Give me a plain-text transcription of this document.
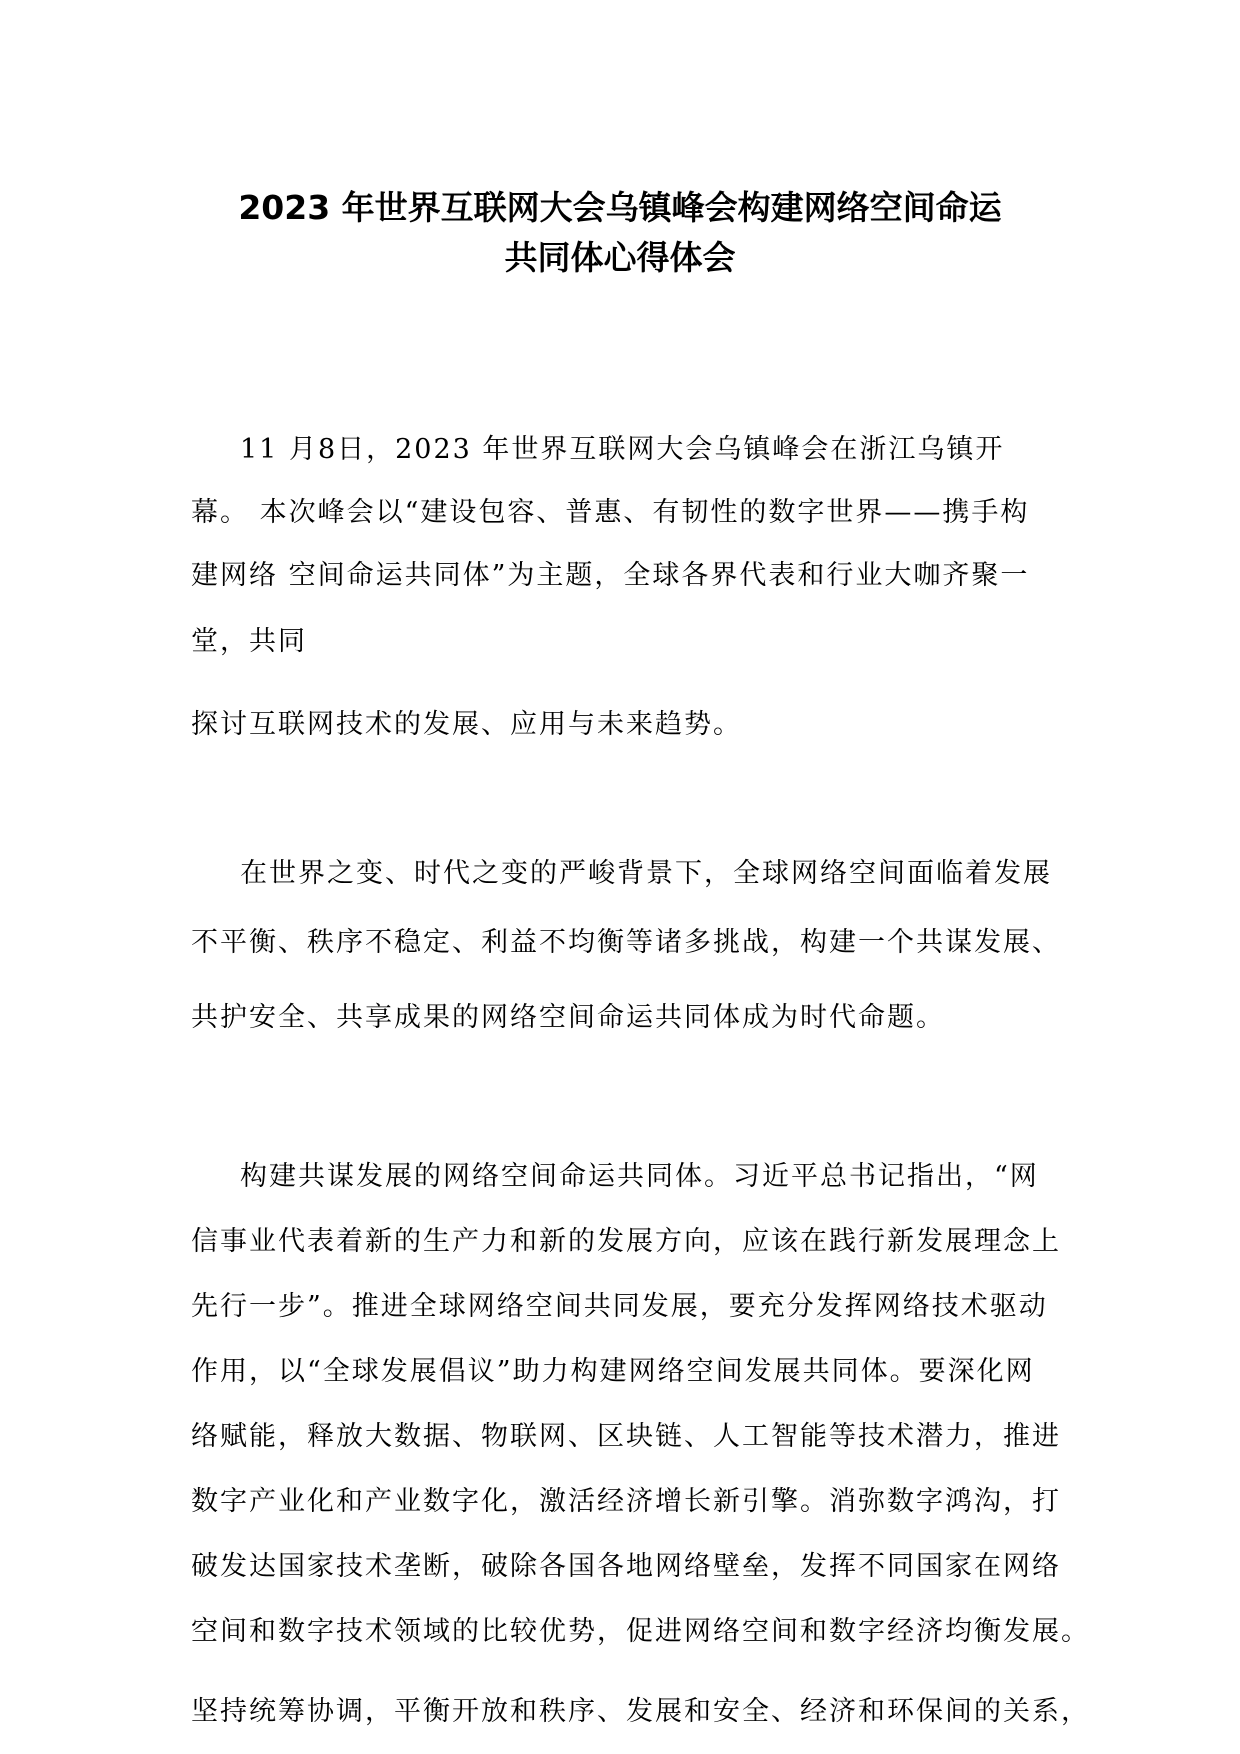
2023 年世界互联网大会乌镇峰会构建网络空间命运
共同体心得体会

11 月8日，2023 年世界互联网大会乌镇峰会在浙江乌镇开

幕。 本次峰会以“建设包容、普惠、有韧性的数字世界——携手构

建网络 空间命运共同体”为主题，全球各界代表和行业大咖齐聚一

堂，共同

探讨互联网技术的发展、应用与未来趋势。

在世界之变、时代之变的严峻背景下，全球网络空间面临着发展

不平衡、秩序不稳定、利益不均衡等诸多挑战，构建一个共谋发展、

共护安全、共享成果的网络空间命运共同体成为时代命题。

构建共谋发展的网络空间命运共同体。习近平总书记指出，“网

信事业代表着新的生产力和新的发展方向，应该在践行新发展理念上

先行一步”。推进全球网络空间共同发展，要充分发挥网络技术驱动

作用，以“全球发展倡议”助力构建网络空间发展共同体。要深化网

络赋能，释放大数据、物联网、区块链、人工智能等技术潜力，推进

数字产业化和产业数字化，激活经济增长新引擎。消弥数字鸿沟，打

破发达国家技术垄断，破除各国各地网络壁垒，发挥不同国家在网络

空间和数字技术领域的比较优势，促进网络空间和数字经济均衡发展。

坚持统筹协调，平衡开放和秩序、发展和安全、经济和环保间的关系，
